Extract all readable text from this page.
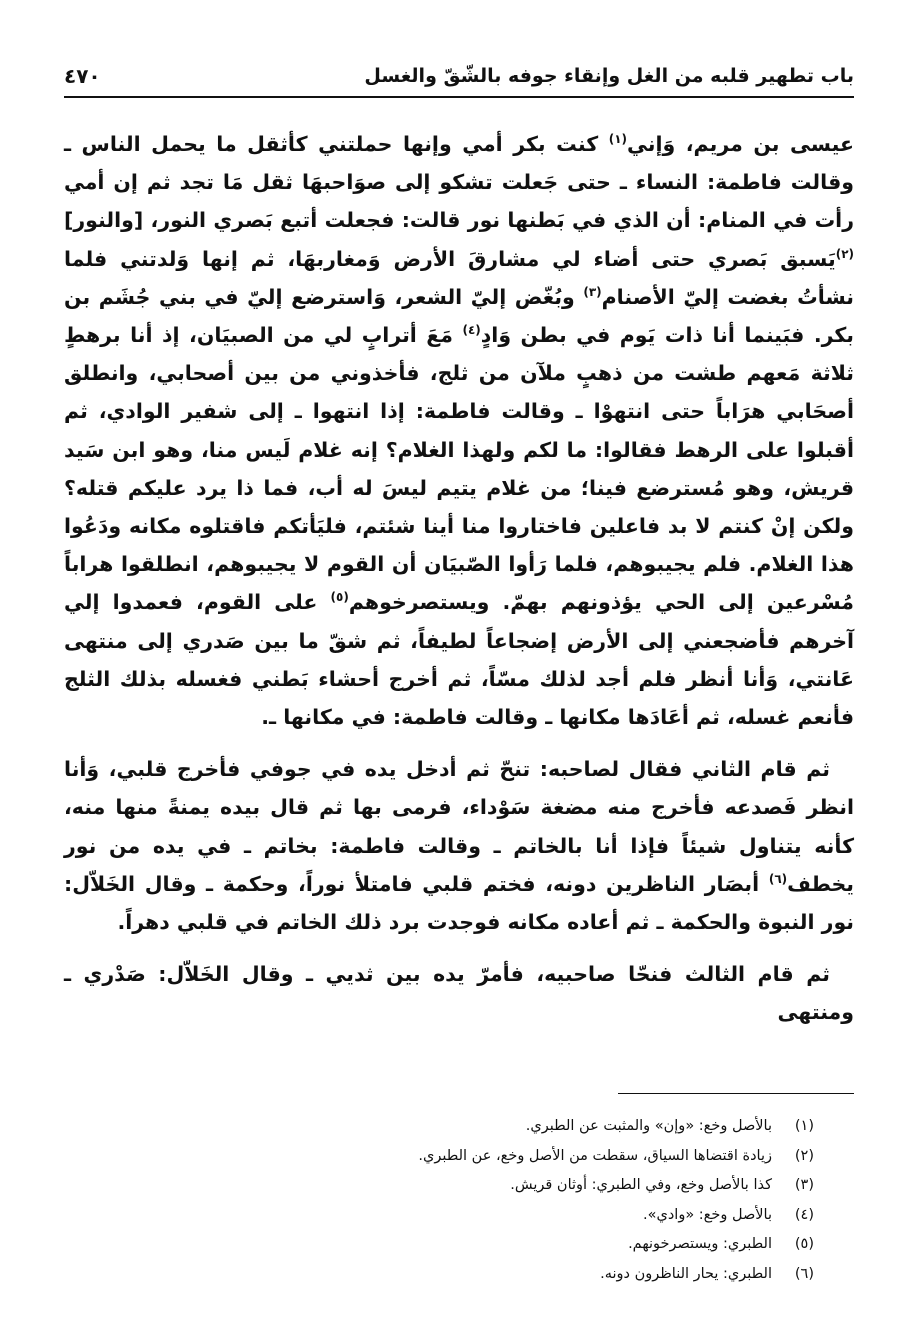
باب تطهير قلبه من الغل وإنقاء جوفه بالشّقّ والغسل
٤٧٠

عيسى بن مريم، وَإني$^{(١)}$ كنت بكر أمي وإنها حملتني كأثقل ما يحمل الناس ـ وقالت فاطمة: النساء ـ حتى جَعلت تشكو إلى صوَاحبهَا ثقل مَا تجد ثم إن أمي رأت في المنام: أن الذي في بَطنها نور قالت: فجعلت أتبع بَصري النور، [والنور] $^{(٢)}$يَسبق بَصري حتى أضاء لي مشارقَ الأرض وَمغاربهَا، ثم إنها وَلدتني فلما نشأتُ بغضت إليّ الأصنام$^{(٣)}$ وبُغّض إليّ الشعر، وَاسترضع إليّ في بني جُشَم بن بكر. فبَينما أنا ذات يَوم في بطن وَادٍ$^{(٤)}$ مَعَ أترابٍ لي من الصبيَان، إذ أنا برهطٍ ثلاثة مَعهم طشت من ذهبٍ ملآن من ثلج، فأخذوني من بين أصحابي، وانطلق أصحَابي هرَاباً حتى انتهوْا ـ وقالت فاطمة: إذا انتهوا ـ إلى شفير الوادي، ثم أقبلوا على الرهط فقالوا: ما لكم ولهذا الغلام؟ إنه غلام لَيس منا، وهو ابن سَيد قريش، وهو مُسترضع فينا؛ من غلام يتيم ليسَ له أب، فما ذا يرد عليكم قتله؟ ولكن إنْ كنتم لا بد فاعلين فاختاروا منا أينا شئتم، فليَأتكم فاقتلوه مكانه ودَعُوا هذا الغلام. فلم يجيبوهم، فلما رَأوا الصّبيَان أن القوم لا يجيبوهم، انطلقوا هراباً مُسْرعين إلى الحي يؤذونهم بهمّ. ويستصرخوهم$^{(٥)}$ على القوم، فعمدوا إلي آخرهم فأضجعني إلى الأرض إضجاعاً لطيفاً، ثم شقّ ما بين صَدري إلى منتهى عَانتي، وَأنا أنظر فلم أجد لذلك مسّاً، ثم أخرج أحشاء بَطني فغسله بذلك الثلج فأنعم غسله، ثم أعَادَها مكانها ـ وقالت فاطمة: في مكانها ـ.

ثم قام الثاني فقال لصاحبه: تنحّ ثم أدخل يده في جوفي فأخرج قلبي، وَأنا انظر فَصدعه فأخرج منه مضغة سَوْداء، فرمى بها ثم قال بيده يمنةً منها منه، كأنه يتناول شيئاً فإذا أنا بالخاتم ـ وقالت فاطمة: بخاتم ـ في يده من نور يخطف$^{(٦)}$ أبصَار الناظرين دونه، فختم قلبي فامتلأ نوراً، وحكمة ـ وقال الخَلاّل: نور النبوة والحكمة ـ ثم أعاده مكانه فوجدت برد ذلك الخاتم في قلبي دهراً.

ثم قام الثالث فنحّا صاحبيه، فأمرّ يده بين ثديي ـ وقال الخَلاّل: صَدْري ـ ومنتهى

(١)
بالأصل وخع: «وإن» والمثبت عن الطبري.
(٢)
زيادة اقتضاها السياق، سقطت من الأصل وخع، عن الطبري.
(٣)
كذا بالأصل وخع، وفي الطبري: أوثان قريش.
(٤)
بالأصل وخع: «وادي».
(٥)
الطبري: ويستصرخونهم.
(٦)
الطبري: يحار الناظرون دونه.
